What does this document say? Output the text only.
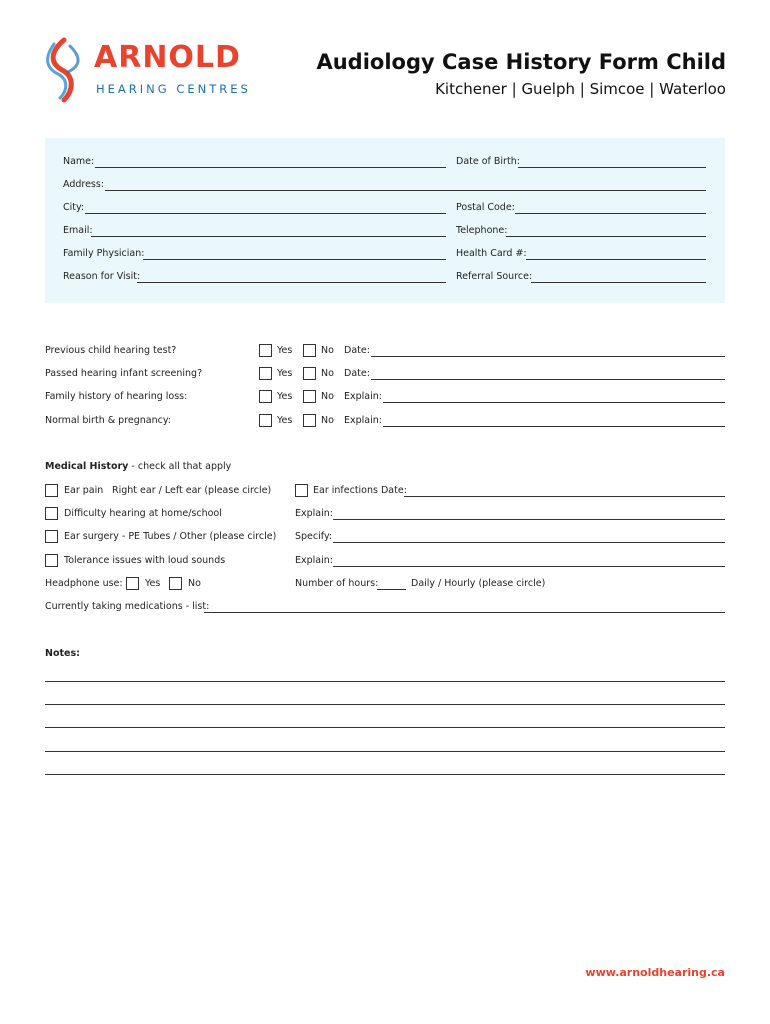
ARNOLD
HEARING CENTRES
Audiology Case History Form Child
Kitchener | Guelph | Simcoe | Waterloo
Name:	Date of Birth:
Address:
City:	Postal Code:
Email:	Telephone:
Family Physician:	Health Card #:
Reason for Visit:	Referral Source:
Previous child hearing test?	Yes	No Date:
Passed hearing infant screening?	Yes	No Date:
Family history of hearing loss:	Yes	No Explain:
Normal birth & pregnancy:	Yes	No Explain:
Medical History - check all that apply
Ear pain Right ear / Left ear (please circle)	Ear infections Date:
Difficulty hearing at home/school	Explain:
Ear surgery - PE Tubes / Other (please circle) Specify:
Tolerance issues with loud sounds	Explain:
Headphone use: Yes	No	Number of hours:	Daily / Hourly (please circle)
Currently taking medications - list:
Notes:
www.arnoldhearing.ca
